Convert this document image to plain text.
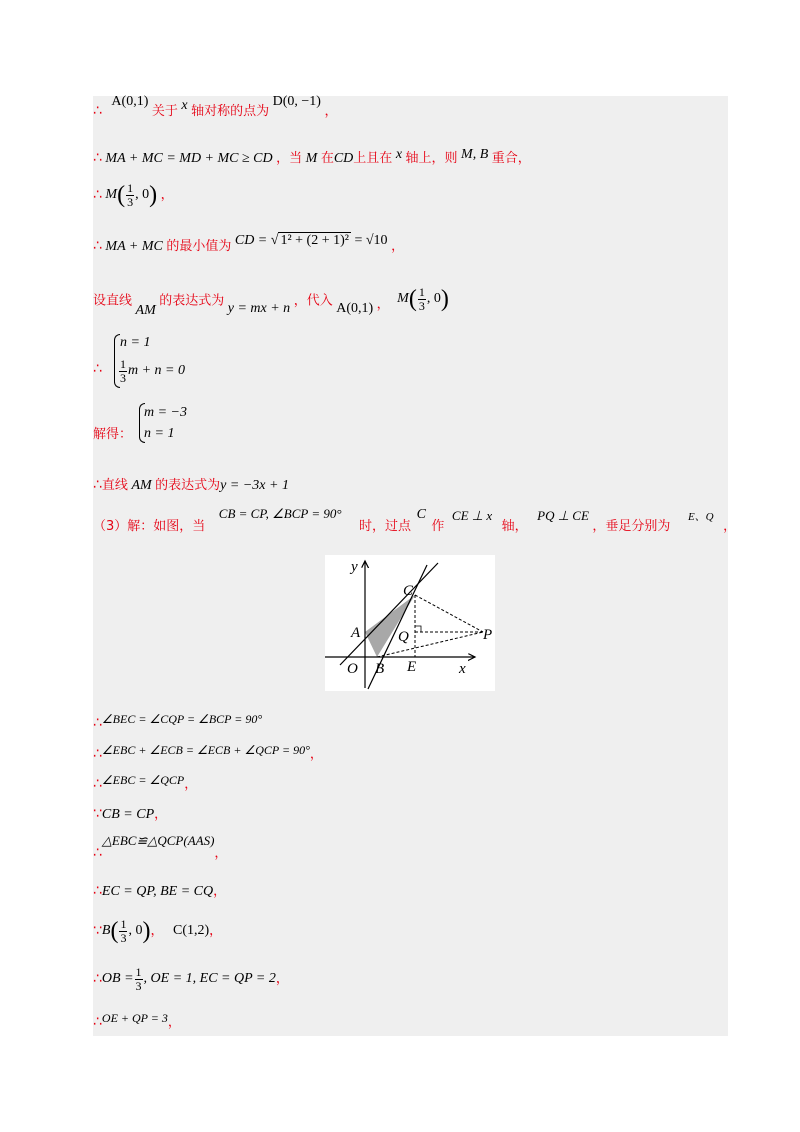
∴ A(0,1) 关于 x 轴对称的点为 D(0, −1) ，
∴ MA + MC = MD + MC ≥ CD ，当 M 在CD上且在 x 轴上，则 M, B 重合，
∴ $M( \frac{1}{3}$ , 0) ，
∴ MA + MC 的最小值为 CD = √ 1² + (2 + 1)² = √10 ，
设直线 AM 的表达式为 y = mx + n ，代入 A(0,1) ， $M( \frac{1}{3}$ , 0)
∴
n = 1
$\frac{1}{3}$ m + n = 0
解得：
m = −3
n = 1
∴直线 AM 的表达式为y = −3x + 1
（3）解：如图，当 CB = CP, ∠BCP = 90° 时，过点 C 作 CE ⊥ x 轴， PQ ⊥ CE ，垂足分别为 $^{E、Q}$ ，
y
x
C
A	Q	P
O B E
∴∠BEC = ∠CQP = ∠BCP = 90°
∴∠EBC + ∠ECB = ∠ECB + ∠QCP = 90°，
∴∠EBC = ∠QCP，
∵CB = CP，
∴△EBC≌△QCP(AAS)，
∴EC = QP, BE = CQ，
∵B( $\frac{1}{3}$ , 0)， C(1,2)，
∴OB = $\frac{1}{3}$ , OE = 1, EC = QP = 2，
∴OE + QP = 3，
